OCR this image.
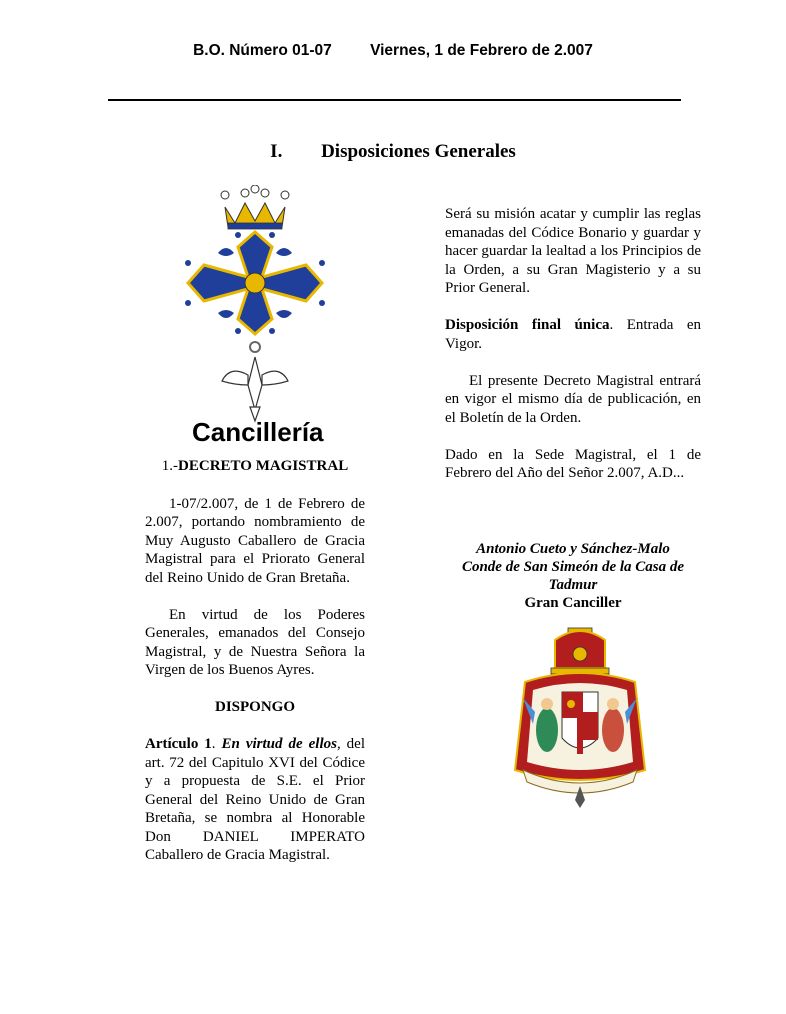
B.O. Número 01-07 Viernes, 1 de Febrero de 2.007
I. Disposiciones Generales
Cancillería

1.-DECRETO MAGISTRAL

1-07/2.007, de 1 de Febrero de 2.007, portando nombramiento de Muy Augusto Caballero de Gracia Magistral para el Priorato General del Reino Unido de Gran Bretaña.

En virtud de los Poderes Generales, emanados del Consejo Magistral, y de Nuestra Señora la Virgen de los Buenos Ayres.

DISPONGO

Artículo 1. En virtud de ellos, del art. 72 del Capitulo XVI del Códice y a propuesta de S.E. el Prior General del Reino Unido de Gran Bretaña, se nombra al Honorable Don DANIEL IMPERATO Caballero de Gracia Magistral.

Será su misión acatar y cumplir las reglas emanadas del Códice Bonario y guardar y hacer guardar la lealtad a los Principios de la Orden, a su Gran Magisterio y a su Prior General.

Disposición final única. Entrada en Vigor.

El presente Decreto Magistral entrará en vigor el mismo día de publicación, en el Boletín de la Orden.

Dado en la Sede Magistral, el 1 de Febrero del Año del Señor 2.007, A.D...

Antonio Cueto y Sánchez-Malo
Conde de San Simeón de la Casa de Tadmur
Gran Canciller
